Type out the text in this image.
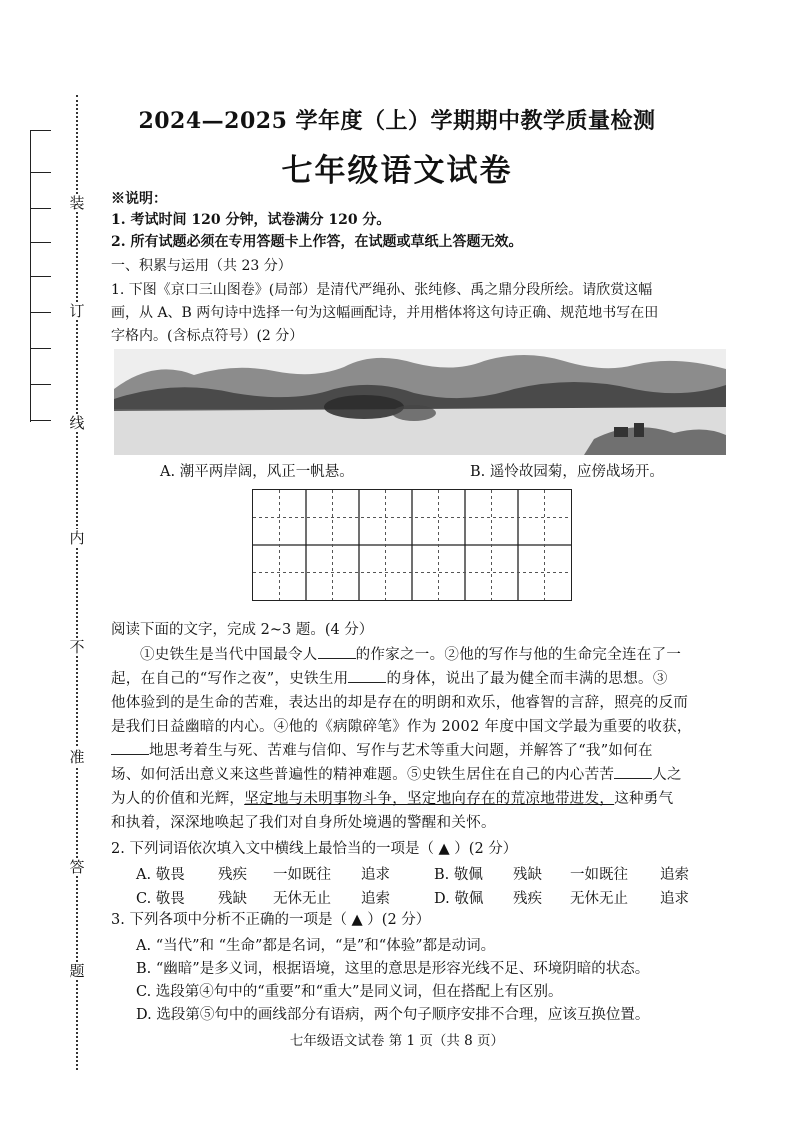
装
订
线
内
不
准
答
题
2024—2025 学年度（上）学期期中教学质量检测
七年级语文试卷
※说明：
1. 考试时间 120 分钟，试卷满分 120 分。
2. 所有试题必须在专用答题卡上作答，在试题或草纸上答题无效。
一、积累与运用（共 23 分）
1. 下图《京口三山图卷》(局部）是清代严绳孙、张纯修、禹之鼎分段所绘。请欣赏这幅
画，从 A、B 两句诗中选择一句为这幅画配诗，并用楷体将这句诗正确、规范地书写在田
字格内。(含标点符号）(2 分）
A. 潮平两岸阔，风正一帆悬。	B. 遥怜故园菊，应傍战场开。
阅读下面的文字，完成 2~3 题。(4 分）
①史铁生是当代中国最令人	的作家之一。②他的写作与他的生命完全连在了一
起，在自己的“写作之夜”，史铁生用	的身体，说出了最为健全而丰满的思想。③
他体验到的是生命的苦难，表达出的却是存在的明朗和欢乐，他睿智的言辞，照亮的反而
是我们日益幽暗的内心。④他的《病隙碎笔》作为 2002 年度中国文学最为重要的收获，
地思考着生与死、苦难与信仰、写作与艺术等重大问题，并解答了“我”如何在
场、如何活出意义来这些普遍性的精神难题。⑤史铁生居住在自己的内心苦苦	人之
为人的价值和光辉，坚定地与未明事物斗争，坚定地向存在的荒凉地带进发，这种勇气
和执着，深深地唤起了我们对自身所处境遇的警醒和关怀。
2. 下列词语依次填入文中横线上最恰当的一项是（ ▲ ）(2 分）
A. 敬畏 残疾 一如既往 追求	B. 敬佩 残缺 一如既往 追索
C. 敬畏 残缺 无休无止 追索	D. 敬佩 残疾 无休无止 追求
3. 下列各项中分析不正确的一项是（ ▲ ）(2 分）
A. “当代”和 “生命”都是名词，“是”和“体验”都是动词。
B. “幽暗”是多义词，根据语境，这里的意思是形容光线不足、环境阴暗的状态。
C. 选段第④句中的“重要”和“重大”是同义词，但在搭配上有区别。
D. 选段第⑤句中的画线部分有语病，两个句子顺序安排不合理，应该互换位置。
七年级语文试卷 第 1 页（共 8 页）
